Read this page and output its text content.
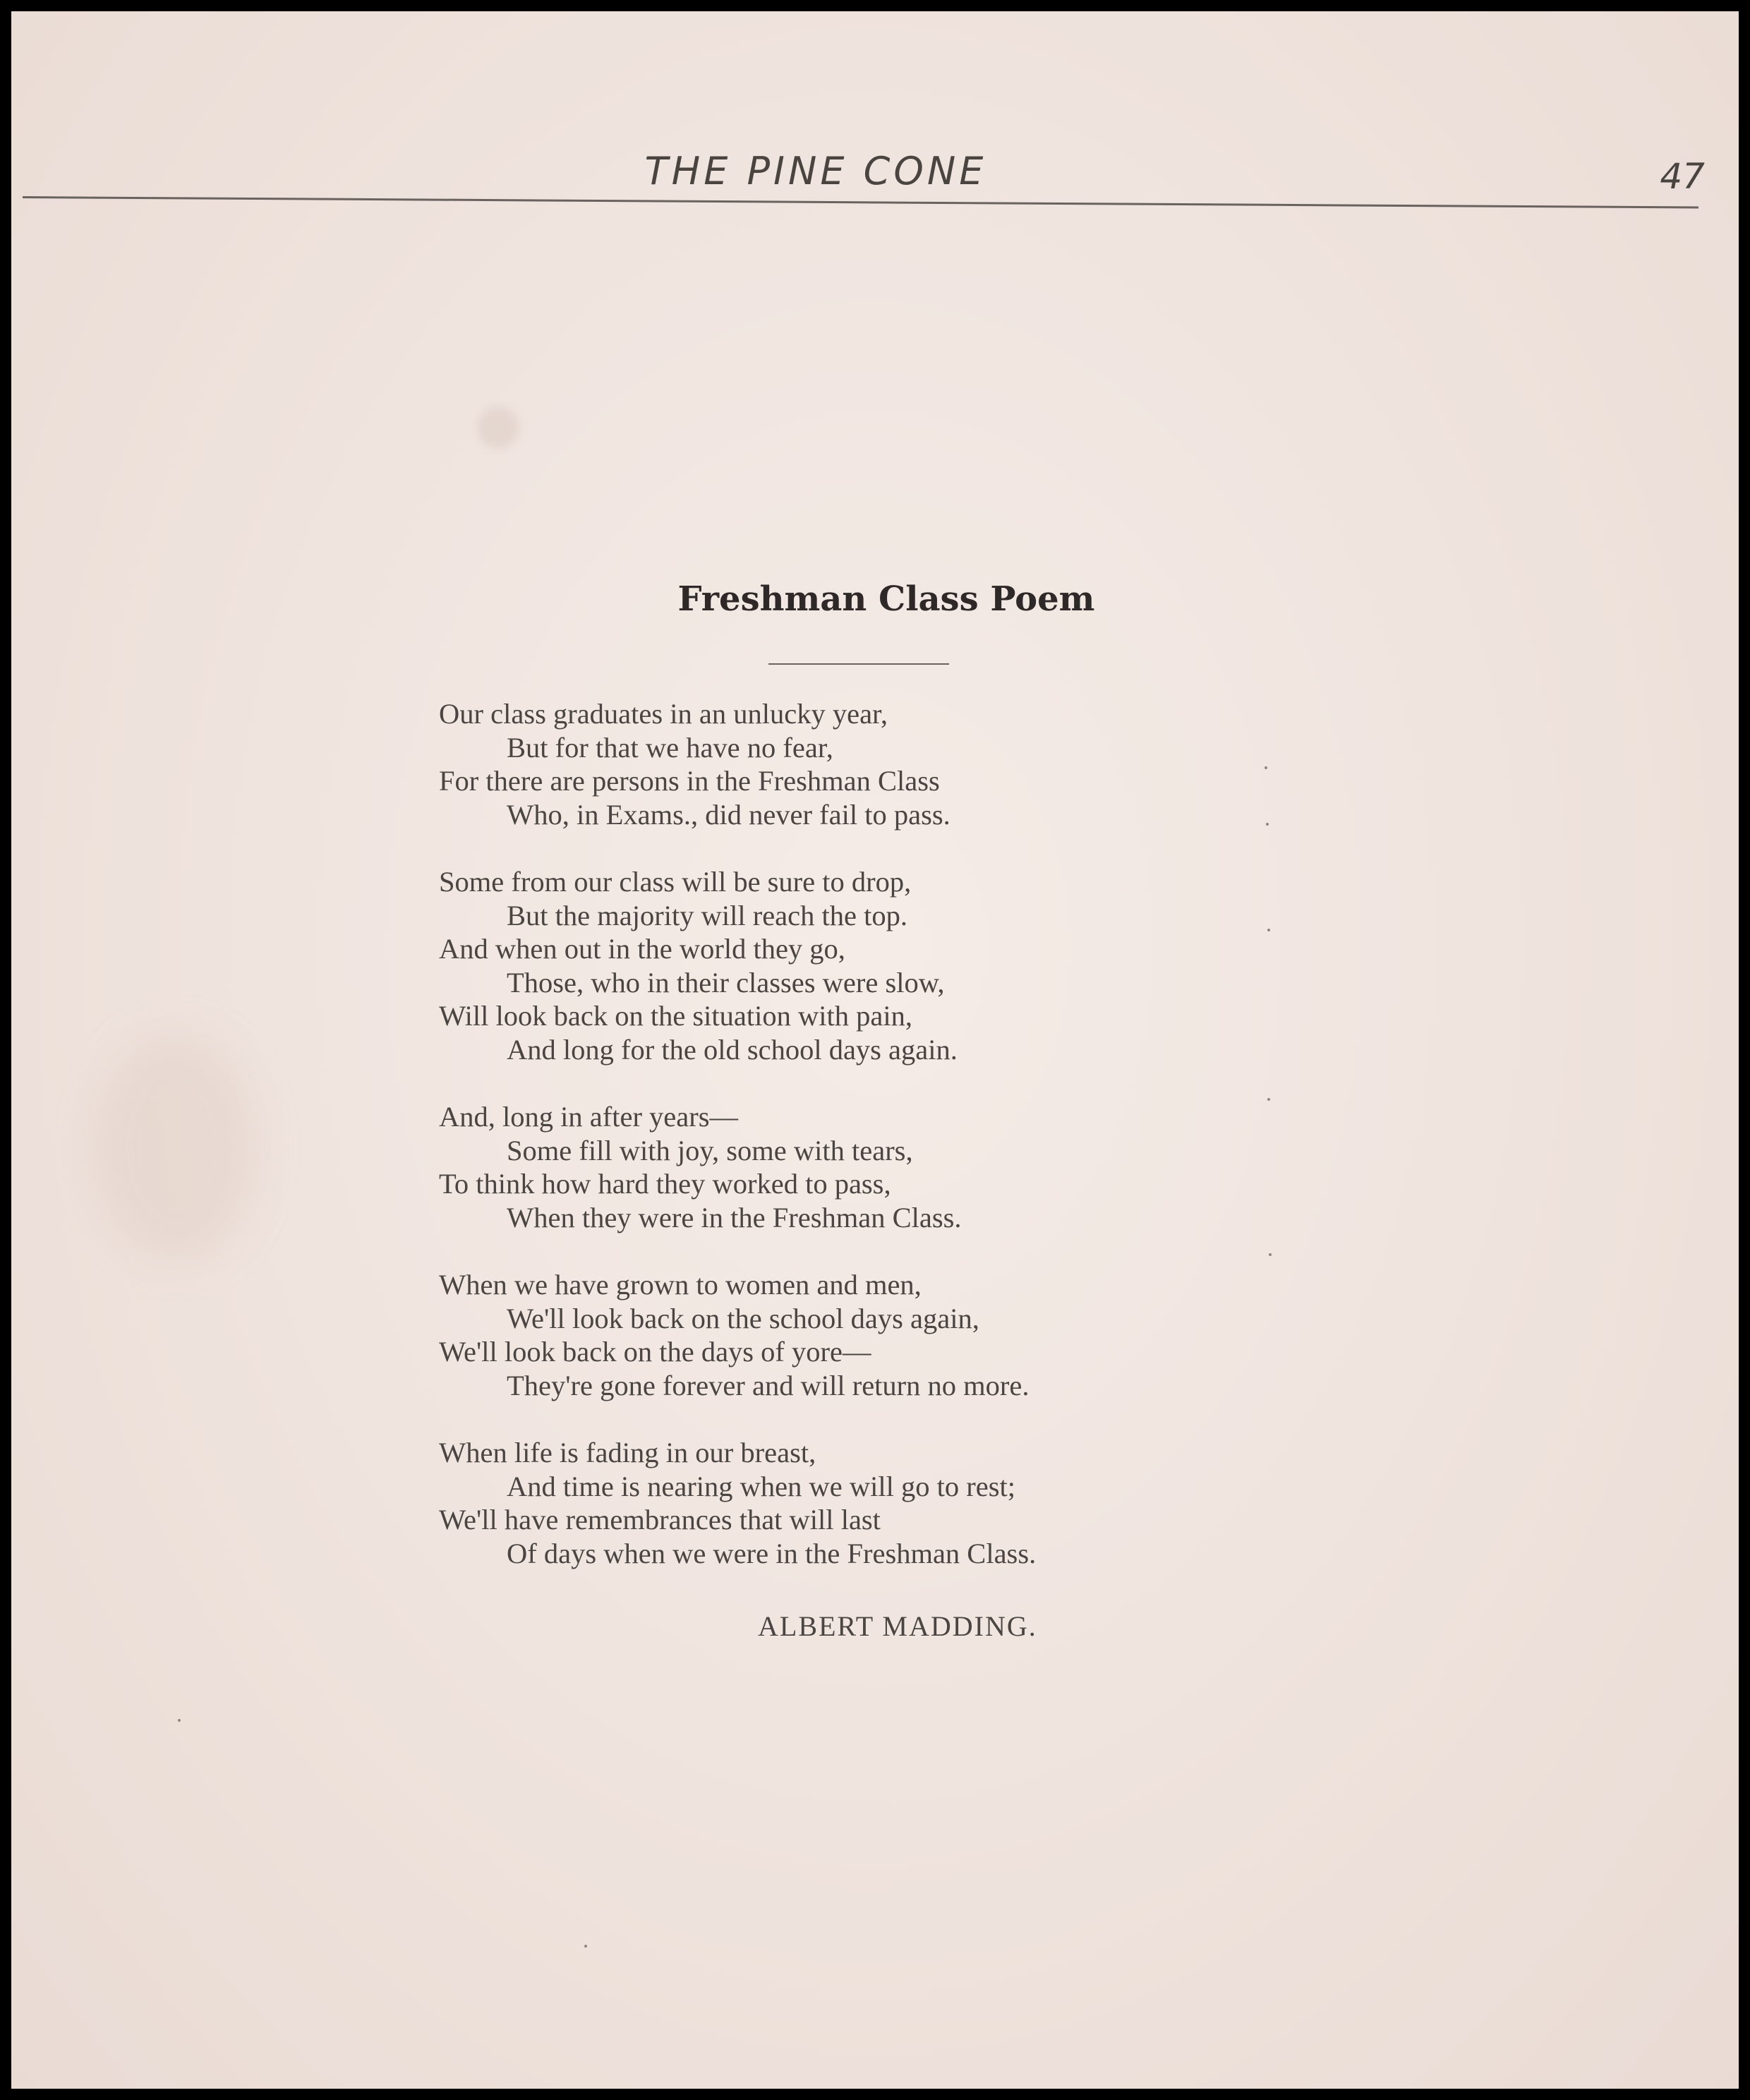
THE PINE CONE	47
Freshman Class Poem
Our class graduates in an unlucky year,
But for that we have no fear,
For there are persons in the Freshman Class
Who, in Exams., did never fail to pass.
Some from our class will be sure to drop,
But the majority will reach the top.
And when out in the world they go,
Those, who in their classes were slow,
Will look back on the situation with pain,
And long for the old school days again.
And, long in after years—
Some fill with joy, some with tears,
To think how hard they worked to pass,
When they were in the Freshman Class.
When we have grown to women and men,
We'll look back on the school days again,
We'll look back on the days of yore—
They're gone forever and will return no more.
When life is fading in our breast,
And time is nearing when we will go to rest;
We'll have remembrances that will last
Of days when we were in the Freshman Class.
ALBERT MADDING.
